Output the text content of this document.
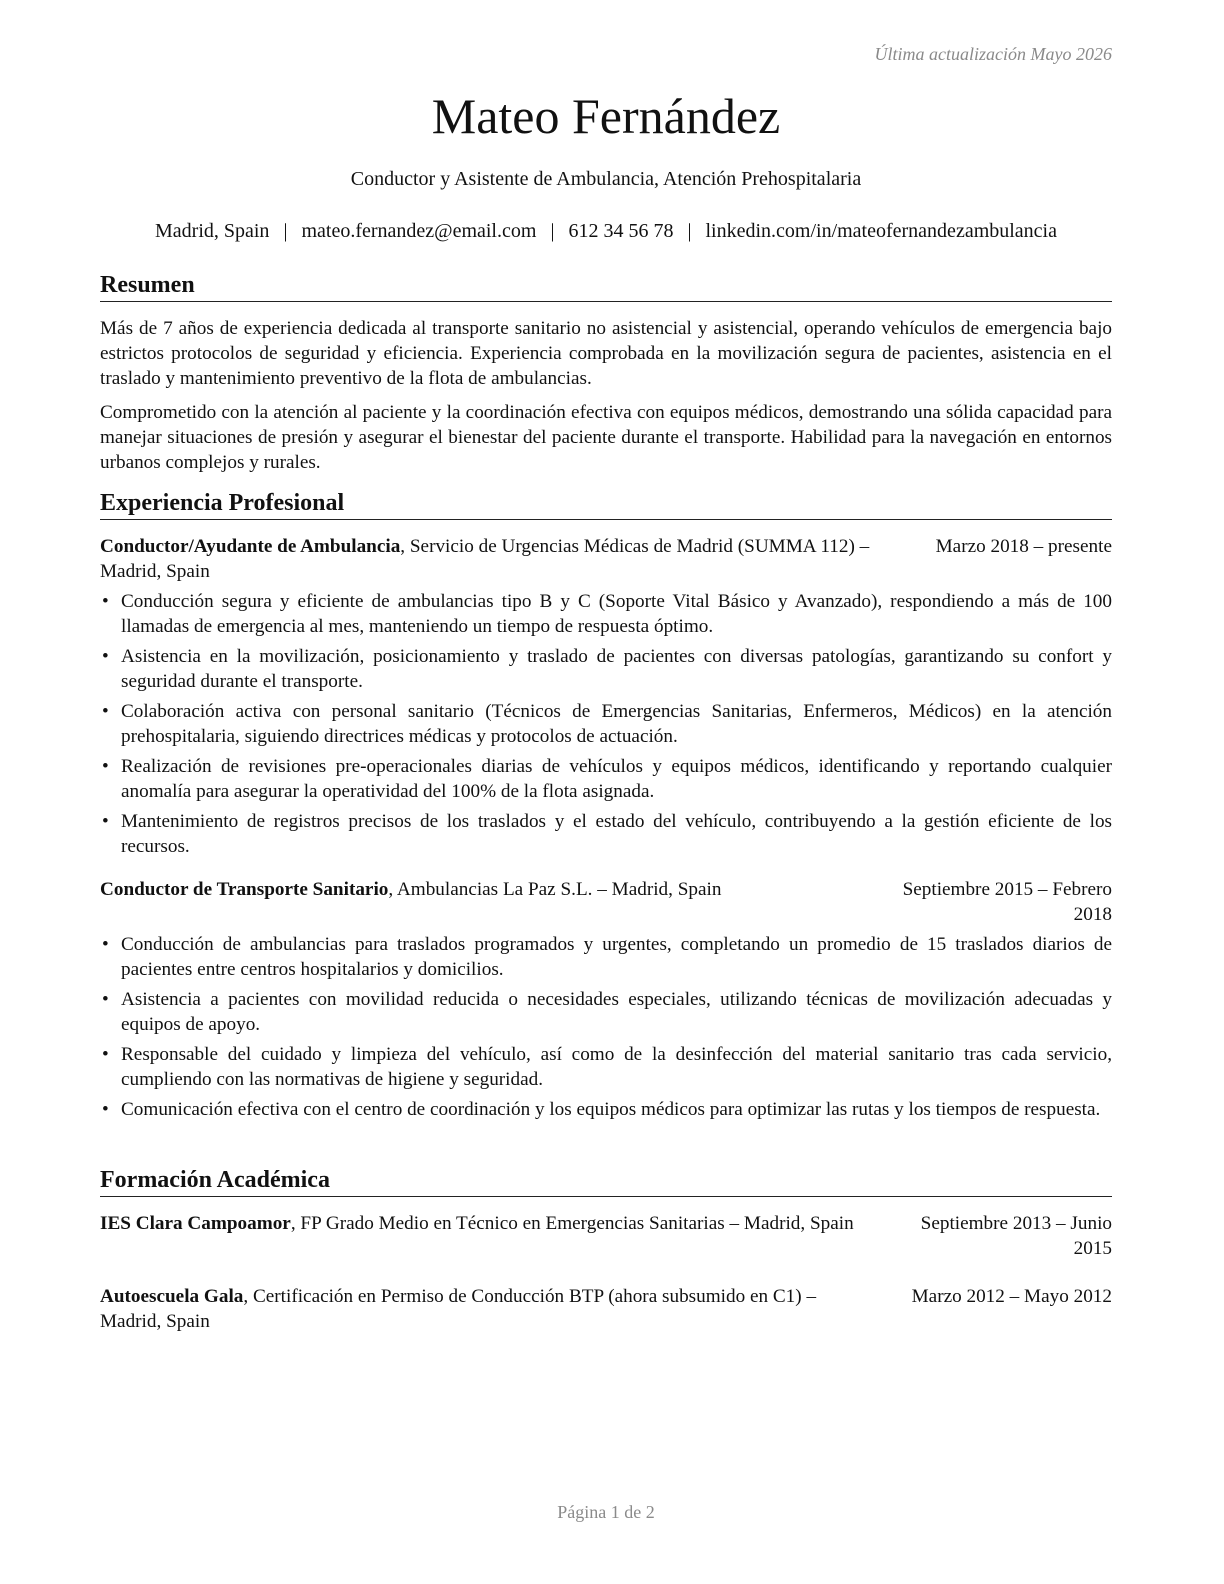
Última actualización Mayo 2026
Mateo Fernández
Conductor y Asistente de Ambulancia, Atención Prehospitalaria
Madrid, Spain | mateo.fernandez@email.com | 612 34 56 78 | linkedin.com/in/mateofernandezambulancia
Resumen

Más de 7 años de experiencia dedicada al transporte sanitario no asistencial y asistencial, operando vehículos de emergencia bajo estrictos protocolos de seguridad y eficiencia. Experiencia comprobada en la movilización segura de pacientes, asistencia en el traslado y mantenimiento preventivo de la flota de ambulancias.

Comprometido con la atención al paciente y la coordinación efectiva con equipos médicos, demostrando una sólida capacidad para manejar situaciones de presión y asegurar el bienestar del paciente durante el transporte. Habilidad para la navegación en entornos urbanos complejos y rurales.

Experiencia Profesional
Conductor/Ayudante de Ambulancia, Servicio de Urgencias Médicas de Madrid (SUMMA 112) – Madrid, Spain
Marzo 2018 – presente
• Conducción segura y eficiente de ambulancias tipo B y C (Soporte Vital Básico y Avanzado), respondiendo a más de 100 llamadas de emergencia al mes, manteniendo un tiempo de respuesta óptimo.
• Asistencia en la movilización, posicionamiento y traslado de pacientes con diversas patologías, garantizando su confort y seguridad durante el transporte.
• Colaboración activa con personal sanitario (Técnicos de Emergencias Sanitarias, Enfermeros, Médicos) en la atención prehospitalaria, siguiendo directrices médicas y protocolos de actuación.
• Realización de revisiones pre-operacionales diarias de vehículos y equipos médicos, identificando y reportando cualquier anomalía para asegurar la operatividad del 100% de la flota asignada.
• Mantenimiento de registros precisos de los traslados y el estado del vehículo, contribuyendo a la gestión eficiente de los recursos.
Conductor de Transporte Sanitario, Ambulancias La Paz S.L. – Madrid, Spain	Septiembre 2015 – Febrero 2018
• Conducción de ambulancias para traslados programados y urgentes, completando un promedio de 15 traslados diarios de pacientes entre centros hospitalarios y domicilios.
• Asistencia a pacientes con movilidad reducida o necesidades especiales, utilizando técnicas de movilización adecuadas y equipos de apoyo.
• Responsable del cuidado y limpieza del vehículo, así como de la desinfección del material sanitario tras cada servicio, cumpliendo con las normativas de higiene y seguridad.
• Comunicación efectiva con el centro de coordinación y los equipos médicos para optimizar las rutas y los tiempos de respuesta.
Formación Académica
IES Clara Campoamor, FP Grado Medio en Técnico en Emergencias Sanitarias – Madrid, Spain	Septiembre 2013 – Junio 2015
Autoescuela Gala, Certificación en Permiso de Conducción BTP (ahora subsumido en C1) – Madrid, Spain
Marzo 2012 – Mayo 2012
Página 1 de 2
